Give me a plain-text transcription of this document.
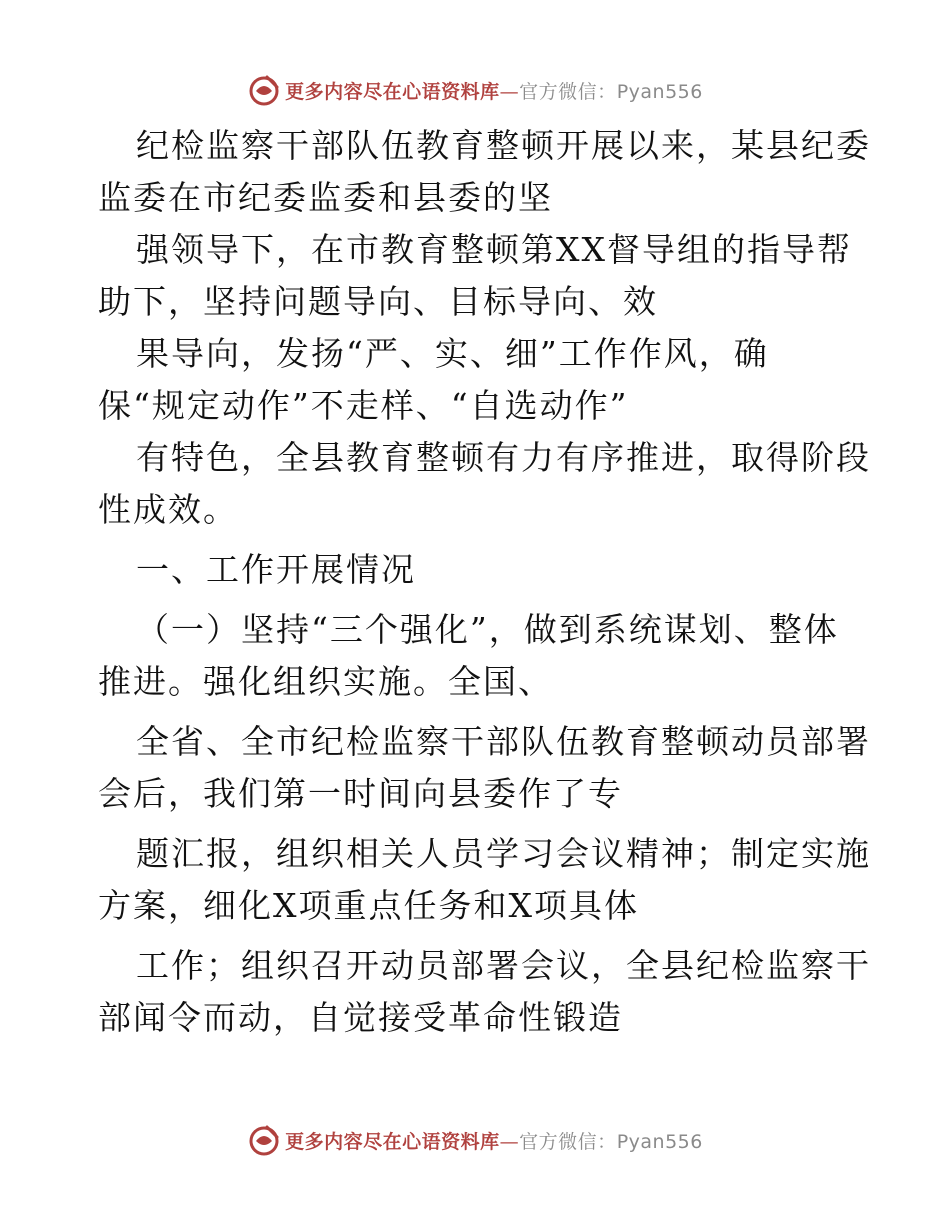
更多内容尽在心语资料库—官方微信：Pyan556
纪检监察干部队伍教育整顿开展以来，某县纪委
监委在市纪委监委和县委的坚
强领导下，在市教育整顿第XX督导组的指导帮
助下，坚持问题导向、目标导向、效
果导向，发扬“严、实、细”工作作风，确
保“规定动作”不走样、“自选动作”
有特色，全县教育整顿有力有序推进，取得阶段
性成效。
一、工作开展情况
（一）坚持“三个强化”，做到系统谋划、整体
推进。强化组织实施。全国、
全省、全市纪检监察干部队伍教育整顿动员部署
会后，我们第一时间向县委作了专
题汇报，组织相关人员学习会议精神；制定实施
方案，细化X项重点任务和X项具体
工作；组织召开动员部署会议，全县纪检监察干
部闻令而动，自觉接受革命性锻造
更多内容尽在心语资料库—官方微信：Pyan556
